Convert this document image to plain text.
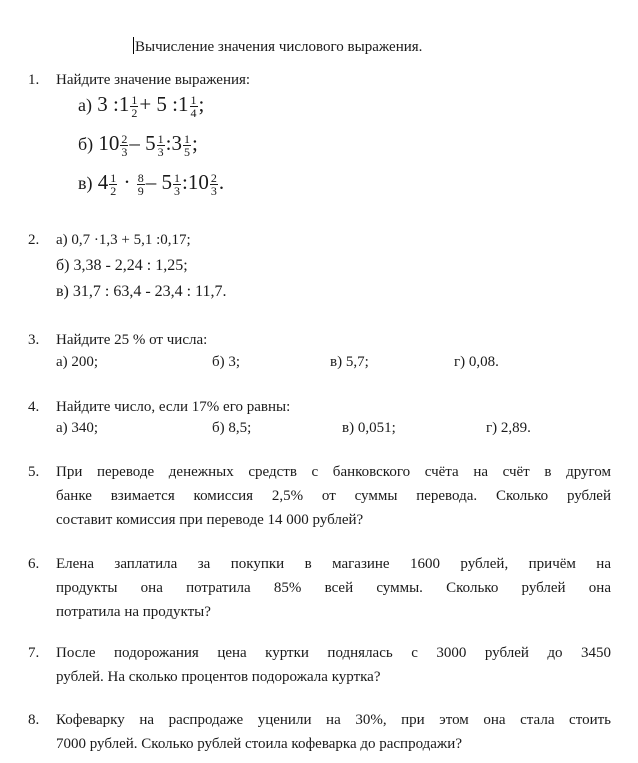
Вычисление значения числового выражения.
1. Найдите значение выражения:
а) 3 :1 $\frac{1}{2} + 5$ :1 $\frac{1}{4}$ ;
б) $10 \frac{2}{3} - 5 \frac{1}{3}$ :3 $\frac{1}{5}$ ;
в) $4 \frac{1}{2} \cdot \frac{8}{9} - 5 \frac{1}{3}$ :10 $\frac{2}{3}$ .
2. а) 0,7 ·1,3 + 5,1 :0,17;
б) 3,38 - 2,24 : 1,25;
в) 31,7 : 63,4 - 23,4 : 11,7.
3. Найдите 25 % от числа:
а) 200;	б) 3;	в) 5,7;	г) 0,08.
4. Найдите число, если 17% его равны:
а) 340;	б) 8,5;	в) 0,051;	г) 2,89.
5. При переводе денежных средств с банковского счёта на счёт в другом
банке взимается комиссия 2,5% от суммы перевода. Сколько рублей
составит комиссия при переводе 14 000 рублей?
6. Елена заплатила за покупки в магазине 1600 рублей, причём на
продукты она потратила 85% всей суммы. Сколько рублей она
потратила на продукты?
7. После подорожания цена куртки поднялась с 3000 рублей до 3450
рублей. На сколько процентов подорожала куртка?
8. Кофеварку на распродаже уценили на 30%, при этом она стала стоить
7000 рублей. Сколько рублей стоила кофеварка до распродажи?
